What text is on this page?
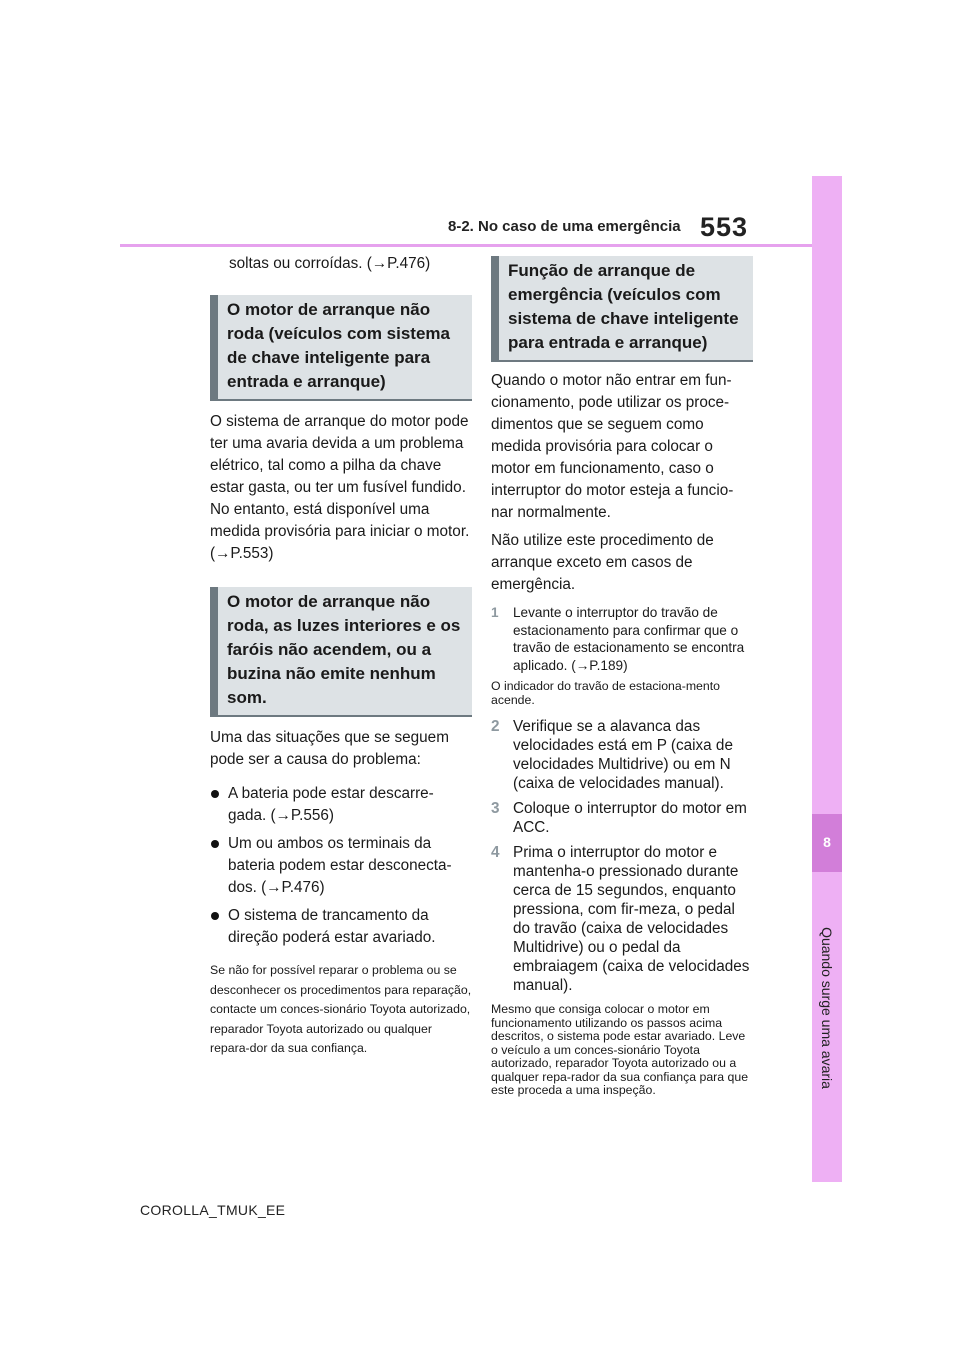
8-2. No caso de uma emergência 553
8
Quando surge uma avaria

soltas ou corroídas. (→P.476)

O motor de arranque não roda (veículos com sistema de chave inteligente para entrada e arranque)

O sistema de arranque do motor pode ter uma avaria devida a um problema elétrico, tal como a pilha da chave estar gasta, ou ter um fusível fundido.

No entanto, está disponível uma medida provisória para iniciar o motor. (→P.553)

O motor de arranque não roda, as luzes interiores e os faróis não acendem, ou a buzina não emite nenhum som.

Uma das situações que se seguem pode ser a causa do problema:

A bateria pode estar descarre-gada. (→P.556)
Um ou ambos os terminais da bateria podem estar desconecta-dos. (→P.476)
O sistema de trancamento da direção poderá estar avariado.

Se não for possível reparar o problema ou se desconhecer os procedimentos para reparação, contacte um conces-sionário Toyota autorizado, reparador Toyota autorizado ou qualquer repara-dor da sua confiança.

Função de arranque de emergência (veículos com sistema de chave inteligente para entrada e arranque)

Quando o motor não entrar em fun-cionamento, pode utilizar os proce-dimentos que se seguem como medida provisória para colocar o motor em funcionamento, caso o interruptor do motor esteja a funcio-nar normalmente.

Não utilize este procedimento de arranque exceto em casos de emergência.

1	Levante o interruptor do travão de estacionamento para confirmar que o travão de estacionamento se encontra aplicado. (→P.189)

O indicador do travão de estaciona-mento acende.

2 Verifique se a alavanca das velocidades está em P (caixa de velocidades Multidrive) ou em N (caixa de velocidades manual).
3 Coloque o interruptor do motor em ACC.
4 Prima o interruptor do motor e mantenha-o pressionado durante cerca de 15 segundos, enquanto pressiona, com fir-meza, o pedal do travão (caixa de velocidades Multidrive) ou o pedal da embraiagem (caixa de velocidades manual).

Mesmo que consiga colocar o motor em funcionamento utilizando os passos acima descritos, o sistema pode estar avariado. Leve o veículo a um conces-sionário Toyota autorizado, reparador Toyota autorizado ou a qualquer repa-rador da sua confiança para que este proceda a uma inspeção.

COROLLA_TMUK_EE
